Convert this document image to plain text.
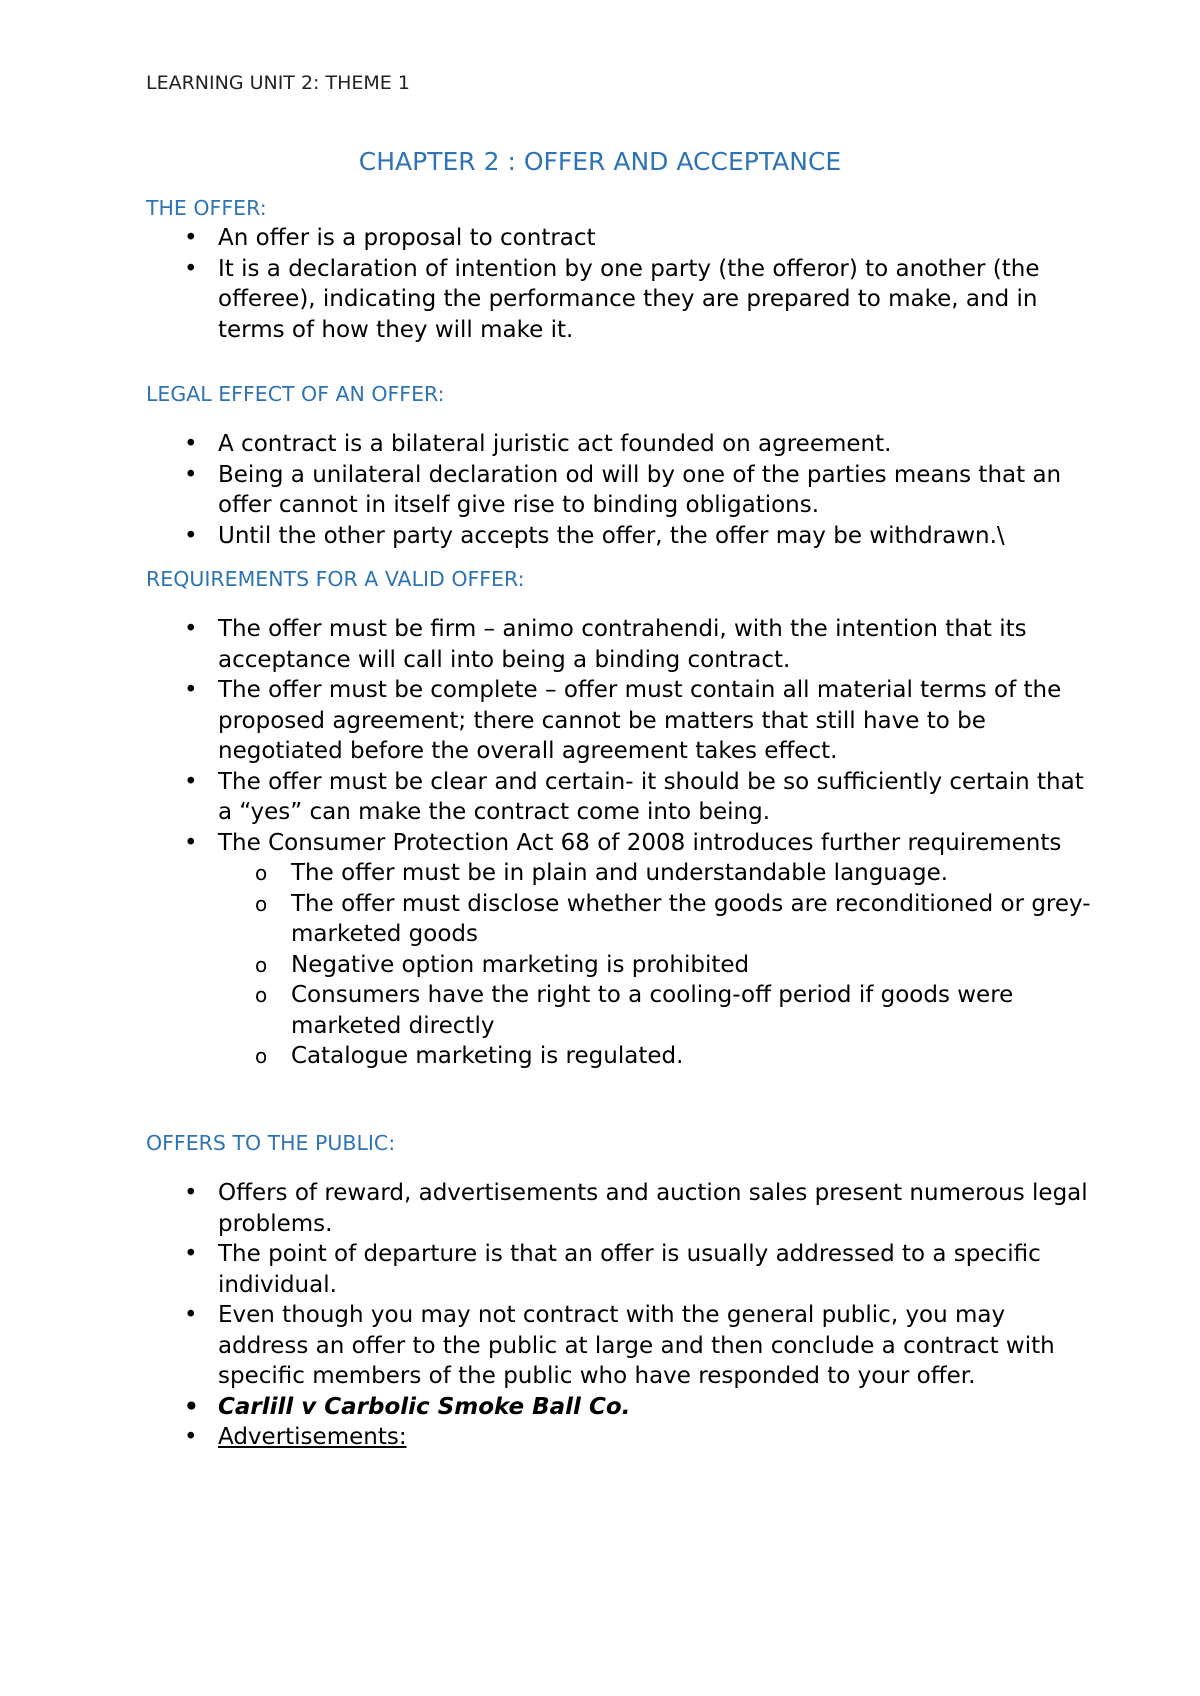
LEARNING UNIT 2: THEME 1
CHAPTER 2 : OFFER AND ACCEPTANCE
THE OFFER:
• An offer is a proposal to contract
• It is a declaration of intention by one party (the offeror) to another (the offeree), indicating the performance they are prepared to make, and in terms of how they will make it.
LEGAL EFFECT OF AN OFFER:
• A contract is a bilateral juristic act founded on agreement.
• Being a unilateral declaration od will by one of the parties means that an offer cannot in itself give rise to binding obligations.
• Until the other party accepts the offer, the offer may be withdrawn.\
REQUIREMENTS FOR A VALID OFFER:
• The offer must be firm – animo contrahendi, with the intention that its acceptance will call into being a binding contract.
• The offer must be complete – offer must contain all material terms of the proposed agreement; there cannot be matters that still have to be negotiated before the overall agreement takes effect.
• The offer must be clear and certain- it should be so sufficiently certain that a “yes” can make the contract come into being.
• The Consumer Protection Act 68 of 2008 introduces further requirements
o The offer must be in plain and understandable language.
o The offer must disclose whether the goods are reconditioned or grey-marketed goods
o Negative option marketing is prohibited
o Consumers have the right to a cooling-off period if goods were marketed directly
o Catalogue marketing is regulated.
OFFERS TO THE PUBLIC:
• Offers of reward, advertisements and auction sales present numerous legal problems.
• The point of departure is that an offer is usually addressed to a specific individual.
• Even though you may not contract with the general public, you may address an offer to the public at large and then conclude a contract with specific members of the public who have responded to your offer.
• Carlill v Carbolic Smoke Ball Co.
• Advertisements:
